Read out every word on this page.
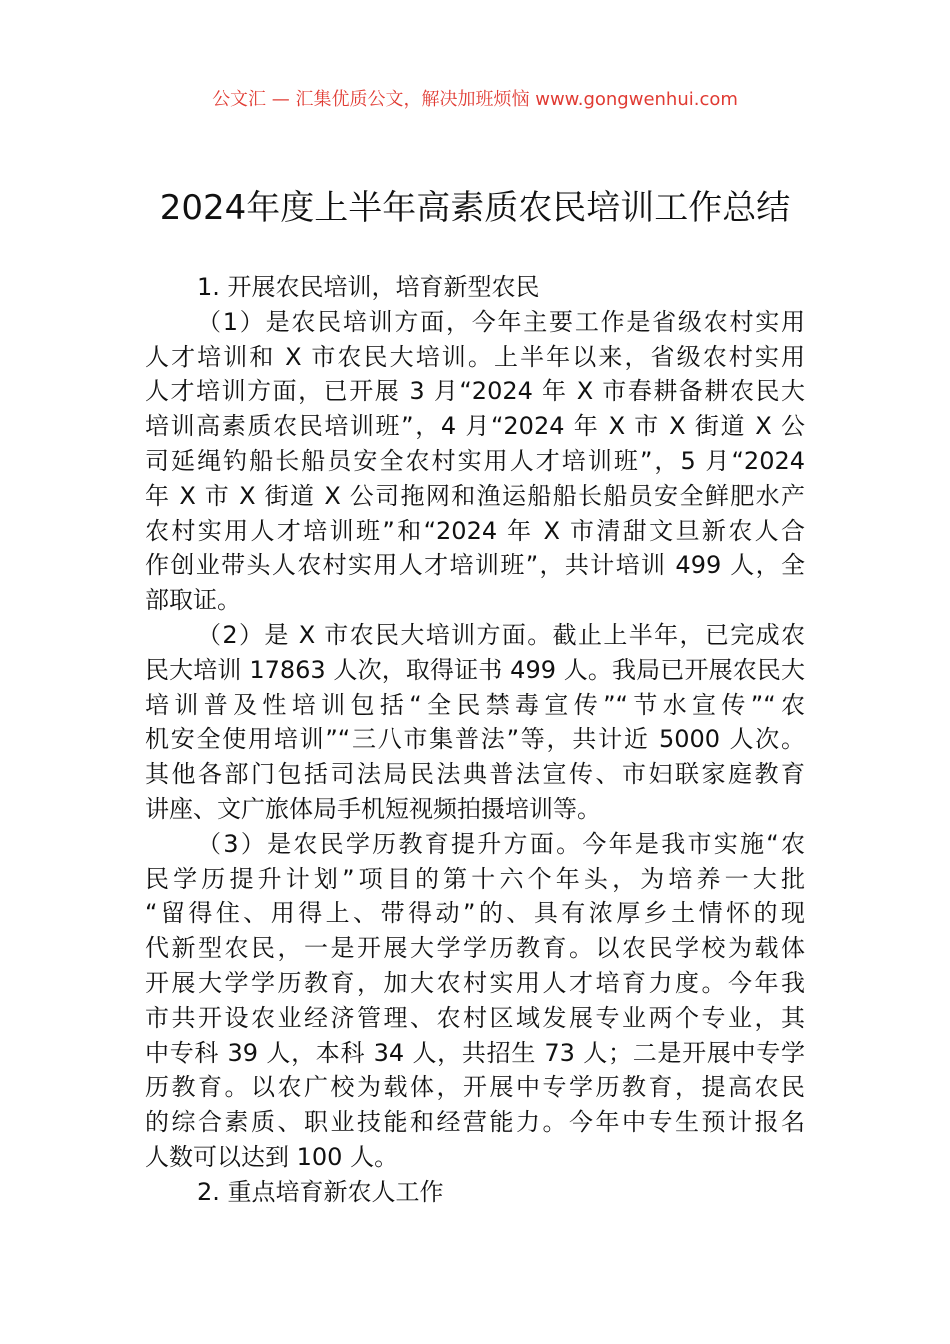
公文汇 — 汇集优质公文，解决加班烦恼 www.gongwenhui.com
2024年度上半年高素质农民培训工作总结
1. 开展农民培训，培育新型农民
（1）是农民培训方面，今年主要工作是省级农村实用
人才培训和 X 市农民大培训。上半年以来，省级农村实用
人才培训方面，已开展 3 月“2024 年 X 市春耕备耕农民大
培训高素质农民培训班”，4 月“2024 年 X 市 X 街道 X 公
司延绳钓船长船员安全农村实用人才培训班”，5 月“2024
年 X 市 X 街道 X 公司拖网和渔运船船长船员安全鲜肥水产
农村实用人才培训班”和“2024 年 X 市清甜文旦新农人合
作创业带头人农村实用人才培训班”，共计培训 499 人，全
部取证。
（2）是 X 市农民大培训方面。截止上半年，已完成农
民大培训 17863 人次，取得证书 499 人。我局已开展农民大
培训普及性培训包括“全民禁毒宣传”“节水宣传”“农
机安全使用培训”“三八市集普法”等，共计近 5000 人次。
其他各部门包括司法局民法典普法宣传、市妇联家庭教育
讲座、文广旅体局手机短视频拍摄培训等。
（3）是农民学历教育提升方面。今年是我市实施“农
民学历提升计划”项目的第十六个年头，为培养一大批
“留得住、用得上、带得动”的、具有浓厚乡土情怀的现
代新型农民，一是开展大学学历教育。以农民学校为载体
开展大学学历教育，加大农村实用人才培育力度。今年我
市共开设农业经济管理、农村区域发展专业两个专业，其
中专科 39 人，本科 34 人，共招生 73 人；二是开展中专学
历教育。以农广校为载体，开展中专学历教育，提高农民
的综合素质、职业技能和经营能力。今年中专生预计报名
人数可以达到 100 人。
2. 重点培育新农人工作
